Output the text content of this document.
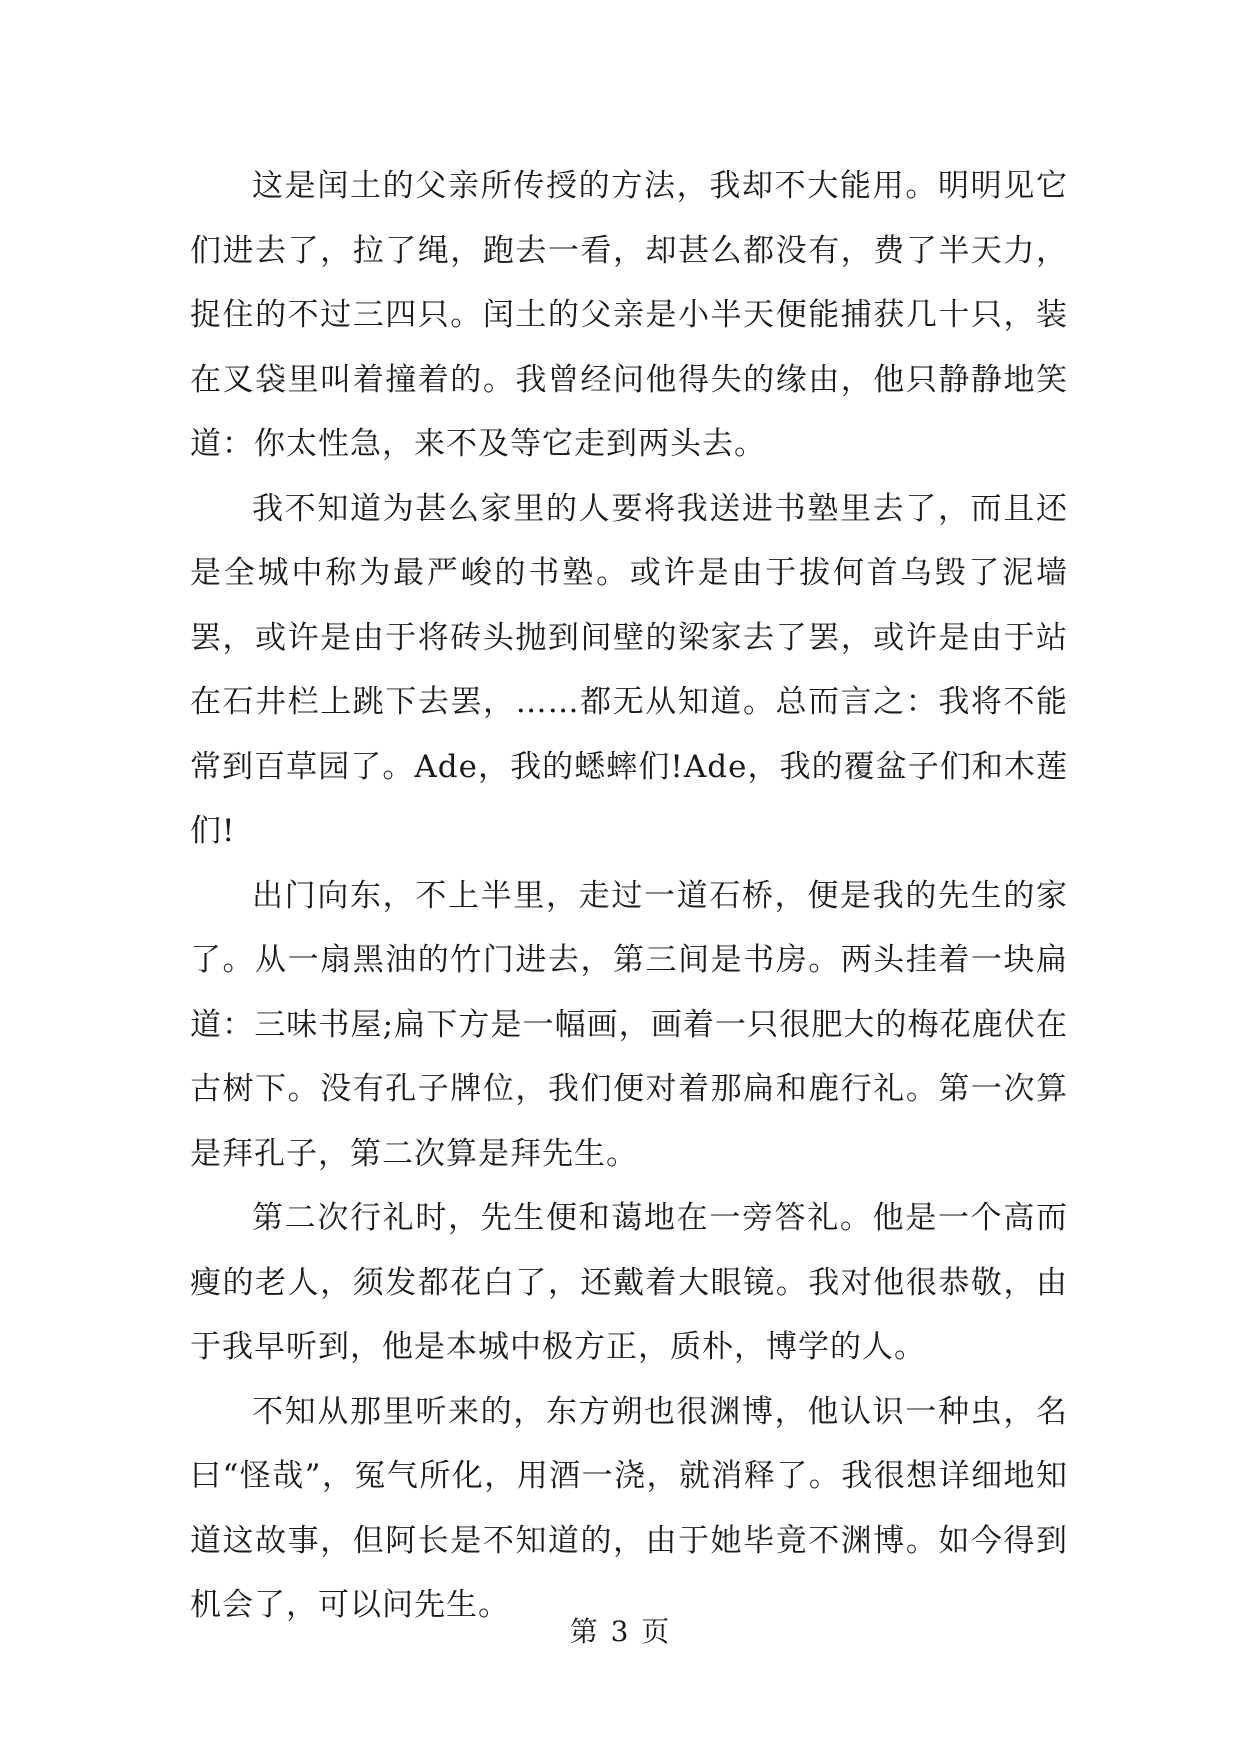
这是闰土的父亲所传授的方法，我却不大能用。明明见它们进去了，拉了绳，跑去一看，却甚么都没有，费了半天力，捉住的不过三四只。闰土的父亲是小半天便能捕获几十只，装在叉袋里叫着撞着的。我曾经问他得失的缘由，他只静静地笑道：你太性急，来不及等它走到两头去。

我不知道为甚么家里的人要将我送进书塾里去了，而且还是全城中称为最严峻的书塾。或许是由于拔何首乌毁了泥墙罢，或许是由于将砖头抛到间壁的梁家去了罢，或许是由于站在石井栏上跳下去罢，……都无从知道。总而言之：我将不能常到百草园了。Ade，我的蟋蟀们!Ade，我的覆盆子们和木莲们!

出门向东，不上半里，走过一道石桥，便是我的先生的家了。从一扇黑油的竹门进去，第三间是书房。两头挂着一块扁道：三味书屋;扁下方是一幅画，画着一只很肥大的梅花鹿伏在古树下。没有孔子牌位，我们便对着那扁和鹿行礼。第一次算是拜孔子，第二次算是拜先生。

第二次行礼时，先生便和蔼地在一旁答礼。他是一个高而瘦的老人，须发都花白了，还戴着大眼镜。我对他很恭敬，由于我早听到，他是本城中极方正，质朴，博学的人。

不知从那里听来的，东方朔也很渊博，他认识一种虫，名曰“怪哉”，冤气所化，用酒一浇，就消释了。我很想详细地知道这故事，但阿长是不知道的，由于她毕竟不渊博。如今得到机会了，可以问先生。

第 3 页
